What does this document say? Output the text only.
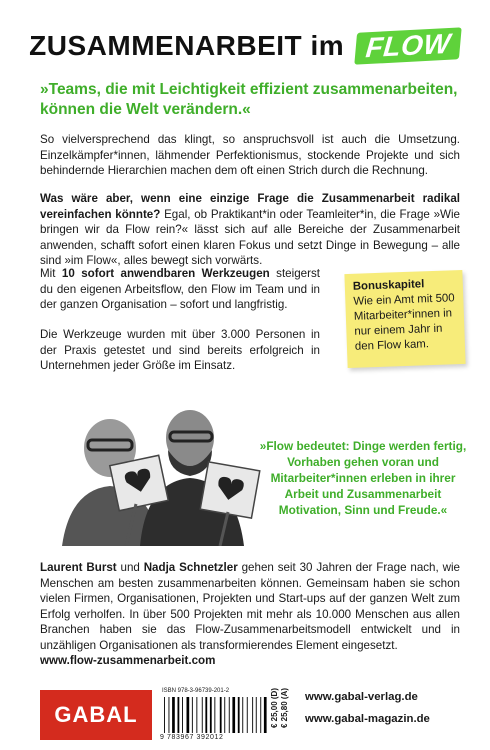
ZUSAMMENARBEIT im FLOW
»Teams, die mit Leichtigkeit effizient zusammenarbeiten, können die Welt verändern.«
So vielversprechend das klingt, so anspruchsvoll ist auch die Umsetzung. Einzelkämpfer*innen, lähmender Perfektionismus, stockende Projekte und sich behindernde Hierarchien machen dem oft einen Strich durch die Rechnung.
Was wäre aber, wenn eine einzige Frage die Zusammenarbeit radikal vereinfachen könnte? Egal, ob Praktikant*in oder Teamleiter*in, die Frage »Wie bringen wir da Flow rein?« lässt sich auf alle Bereiche der Zusammenarbeit anwenden, schafft sofort einen klaren Fokus und setzt Dinge in Bewegung – alle sind »im Flow«, alles bewegt sich vorwärts.
Mit 10 sofort anwendbaren Werkzeugen steigerst du den eigenen Arbeitsflow, den Flow im Team und in der ganzen Organisation – sofort und langfristig.
Die Werkzeuge wurden mit über 3.000 Personen in der Praxis getestet und sind bereits erfolgreich in Unternehmen jeder Größe im Einsatz.
Bonuskapitel
Wie ein Amt mit 500 Mitarbeiter*innen in nur einem Jahr in den Flow kam.
»Flow bedeutet: Dinge werden fertig, Vorhaben gehen voran und Mitarbeiter*innen erleben in ihrer Arbeit und Zusammenarbeit Motivation, Sinn und Freude.«
Laurent Burst und Nadja Schnetzler gehen seit 30 Jahren der Frage nach, wie Menschen am besten zusammenarbeiten können. Gemeinsam haben sie schon vielen Firmen, Organisationen, Projekten und Start-ups auf der ganzen Welt zum Erfolg verholfen. In über 500 Projekten mit mehr als 10.000 Menschen aus allen Branchen haben sie das Flow-Zusammenarbeitsmodell entwickelt und in unzähligen Organisationen als transformierendes Element eingesetzt.
www.flow-zusammenarbeit.com
GABAL
ISBN 978-3-96739-201-2
9 783967 392012
€ 25,00 (D) € 25,80 (A) www.gabal-verlag.de
www.gabal-magazin.de
